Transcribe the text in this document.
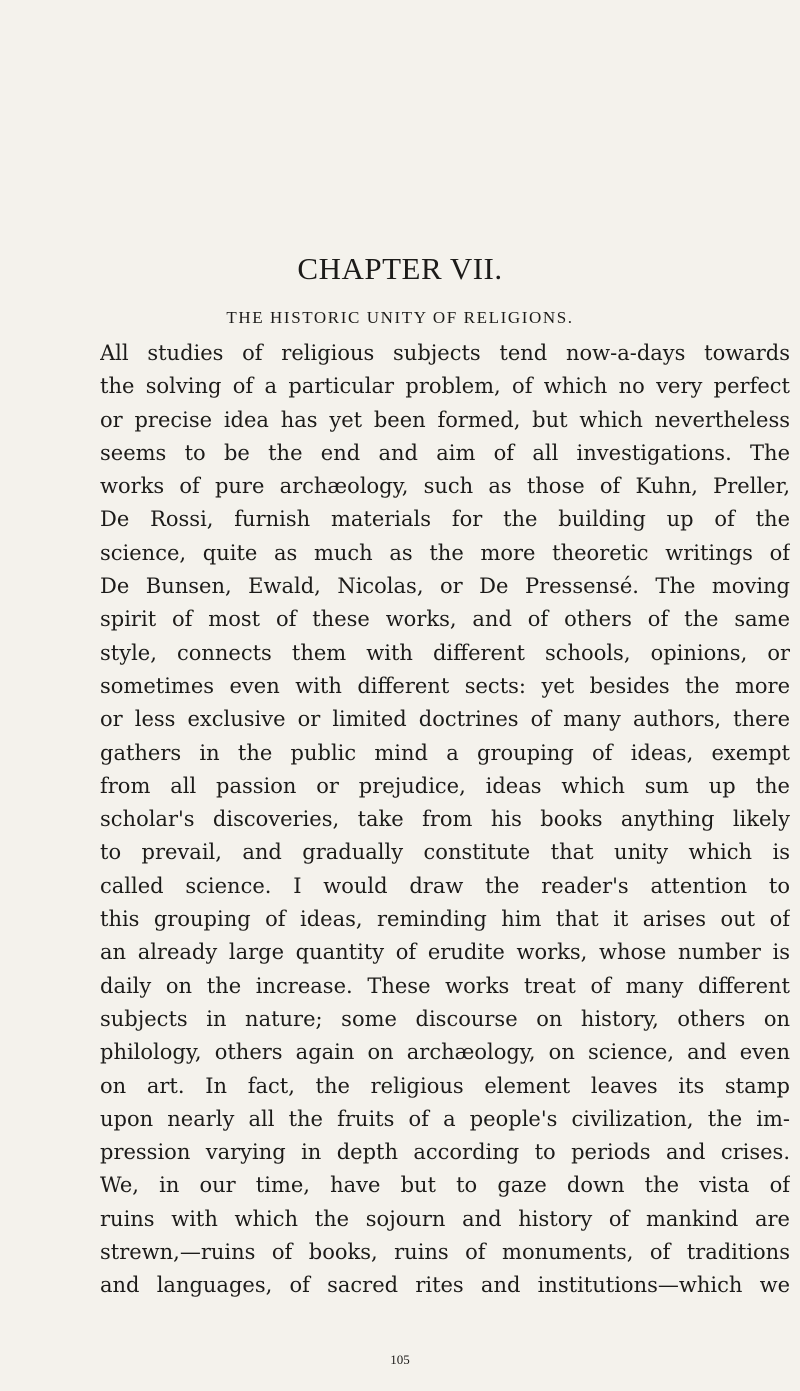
CHAPTER VII.
THE HISTORIC UNITY OF RELIGIONS.
All studies of religious subjects tend now-a-days towards
the solving of a particular problem, of which no very perfect
or precise idea has yet been formed, but which nevertheless
seems to be the end and aim of all investigations. The
works of pure archæology, such as those of Kuhn, Preller,
De Rossi, furnish materials for the building up of the
science, quite as much as the more theoretic writings of
De Bunsen, Ewald, Nicolas, or De Pressensé. The moving
spirit of most of these works, and of others of the same
style, connects them with different schools, opinions, or
sometimes even with different sects: yet besides the more
or less exclusive or limited doctrines of many authors, there
gathers in the public mind a grouping of ideas, exempt
from all passion or prejudice, ideas which sum up the
scholar's discoveries, take from his books anything likely
to prevail, and gradually constitute that unity which is
called science. I would draw the reader's attention to
this grouping of ideas, reminding him that it arises out of
an already large quantity of erudite works, whose number is
daily on the increase. These works treat of many different
subjects in nature; some discourse on history, others on
philology, others again on archæology, on science, and even
on art. In fact, the religious element leaves its stamp
upon nearly all the fruits of a people's civilization, the im-
pression varying in depth according to periods and crises.
We, in our time, have but to gaze down the vista of
ruins with which the sojourn and history of mankind are
strewn,—ruins of books, ruins of monuments, of traditions
and languages, of sacred rites and institutions—which we
105
